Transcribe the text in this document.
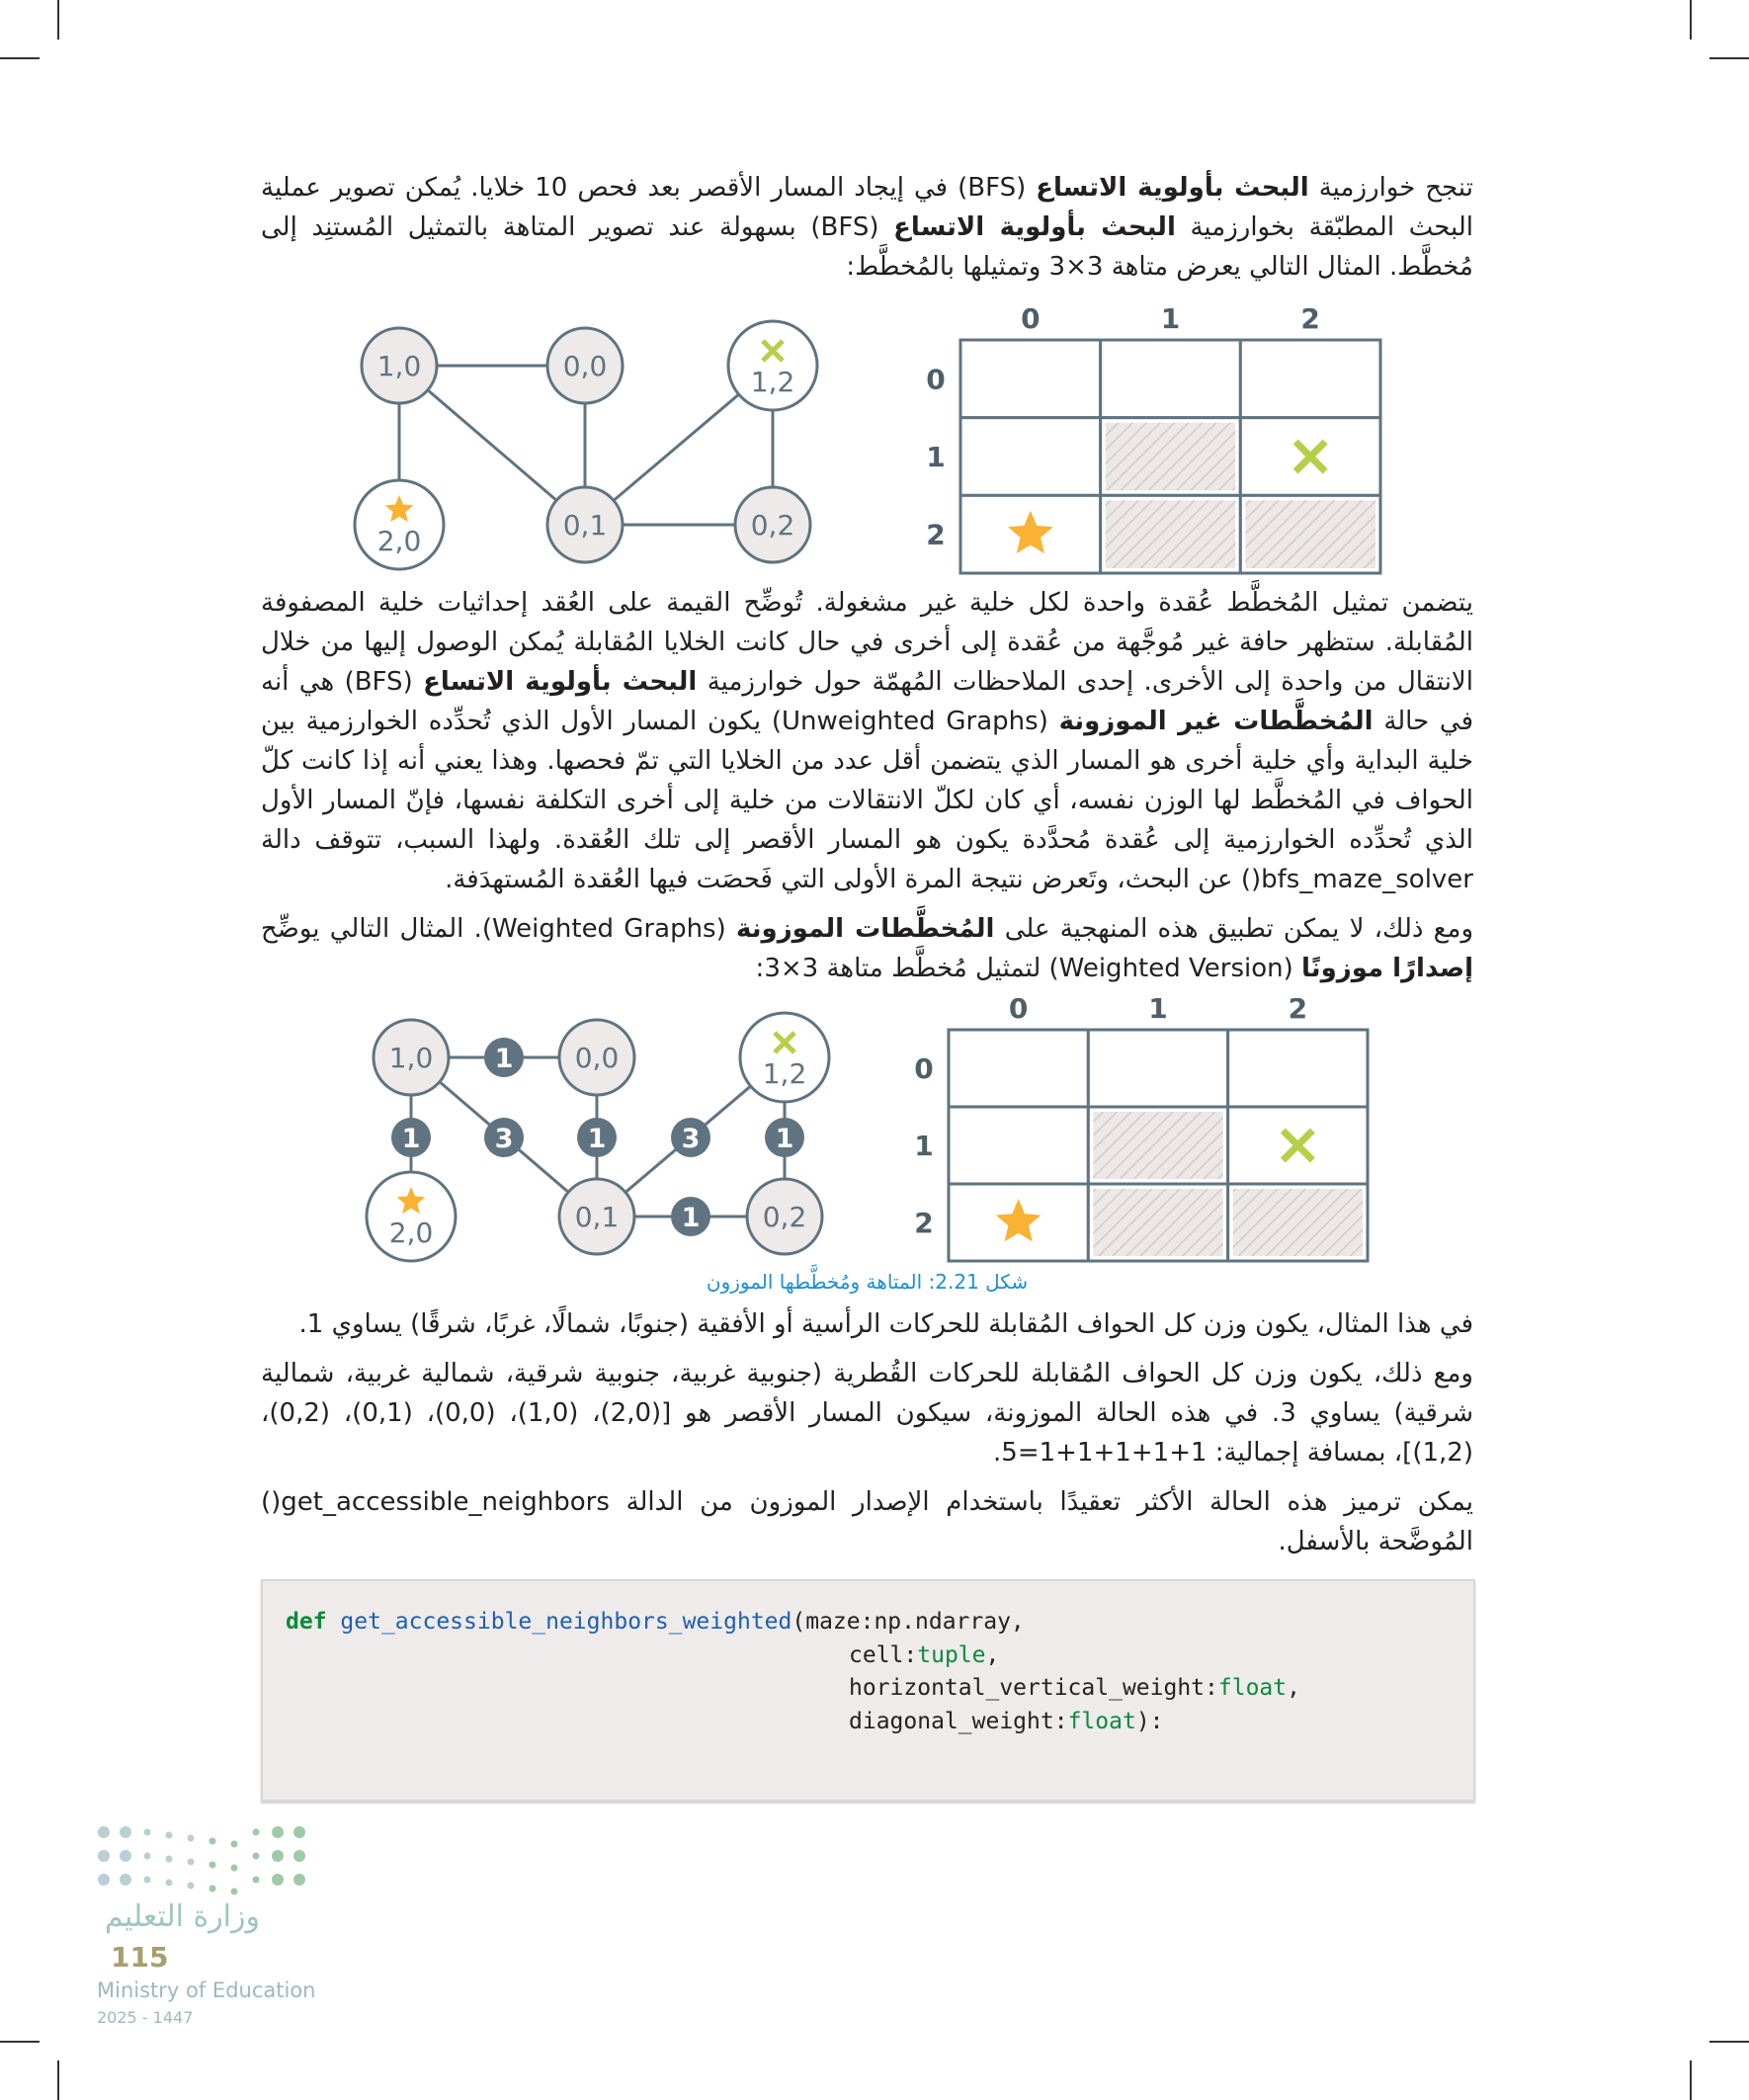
وزارة التعليم
115
Ministry of Education
2025 - 1447
تنجح خوارزمية البحث بأولوية الاتساع (BFS) في إيجاد المسار الأقصر بعد فحص 10 خلايا. يُمكن تصوير عملية البحث المطبّقة بخوارزمية البحث بأولوية الاتساع (BFS) بسهولة عند تصوير المتاهة بالتمثيل المُستنِد إلى مُخطَّط. المثال التالي يعرض متاهة 3×3 وتمثيلها بالمُخطَّط:
1,0	0,0	1,2
2,0	0,1	0,2
0	1	2
0
1
2
يتضمن تمثيل المُخطَّط عُقدة واحدة لكل خلية غير مشغولة. تُوضِّح القيمة على العُقد إحداثيات خلية المصفوفة المُقابلة. ستظهر حافة غير مُوجَّهة من عُقدة إلى أخرى في حال كانت الخلايا المُقابلة يُمكن الوصول إليها من خلال الانتقال من واحدة إلى الأخرى. إحدى الملاحظات المُهمّة حول خوارزمية البحث بأولوية الاتساع (BFS) هي أنه في حالة المُخطَّطات غير الموزونة (Unweighted Graphs) يكون المسار الأول الذي تُحدِّده الخوارزمية بين خلية البداية وأي خلية أخرى هو المسار الذي يتضمن أقل عدد من الخلايا التي تمّ فحصها. وهذا يعني أنه إذا كانت كلّ الحواف في المُخطَّط لها الوزن نفسه، أي كان لكلّ الانتقالات من خلية إلى أخرى التكلفة نفسها، فإنّ المسار الأول الذي تُحدِّده الخوارزمية إلى عُقدة مُحدَّدة يكون هو المسار الأقصر إلى تلك العُقدة. ولهذا السبب، تتوقف دالة bfs_maze_solver() عن البحث، وتَعرض نتيجة المرة الأولى التي فَحصَت فيها العُقدة المُستهدَفة.
ومع ذلك، لا يمكن تطبيق هذه المنهجية على المُخطَّطات الموزونة (Weighted Graphs). المثال التالي يوضِّح إصدارًا موزونًا (Weighted Version) لتمثيل مُخطَّط متاهة 3×3:
1,0	0,0	1,2
2,0	0,1	0,2
1
1	3	1	3	1
1
0	1	2
0
1
2
شكل 2.21: المتاهة ومُخطَّطها الموزون
في هذا المثال، يكون وزن كل الحواف المُقابلة للحركات الرأسية أو الأفقية (جنوبًا، شمالًا، غربًا، شرقًا) يساوي 1.
ومع ذلك، يكون وزن كل الحواف المُقابلة للحركات القُطرية (جنوبية غربية، جنوبية شرقية، شمالية غربية، شمالية شرقية) يساوي 3. في هذه الحالة الموزونة، سيكون المسار الأقصر هو [(2,0)، (1,0)، (0,0)، (0,1)، (0,2)، (1,2)]، بمسافة إجمالية: 1+1+1+1+1=5.
يمكن ترميز هذه الحالة الأكثر تعقيدًا باستخدام الإصدار الموزون من الدالة get_accessible_neighbors() المُوضَّحة بالأسفل.
def get_accessible_neighbors_weighted(maze:np.ndarray,
cell:tuple,
horizontal_vertical_weight:float,
diagonal_weight:float):
